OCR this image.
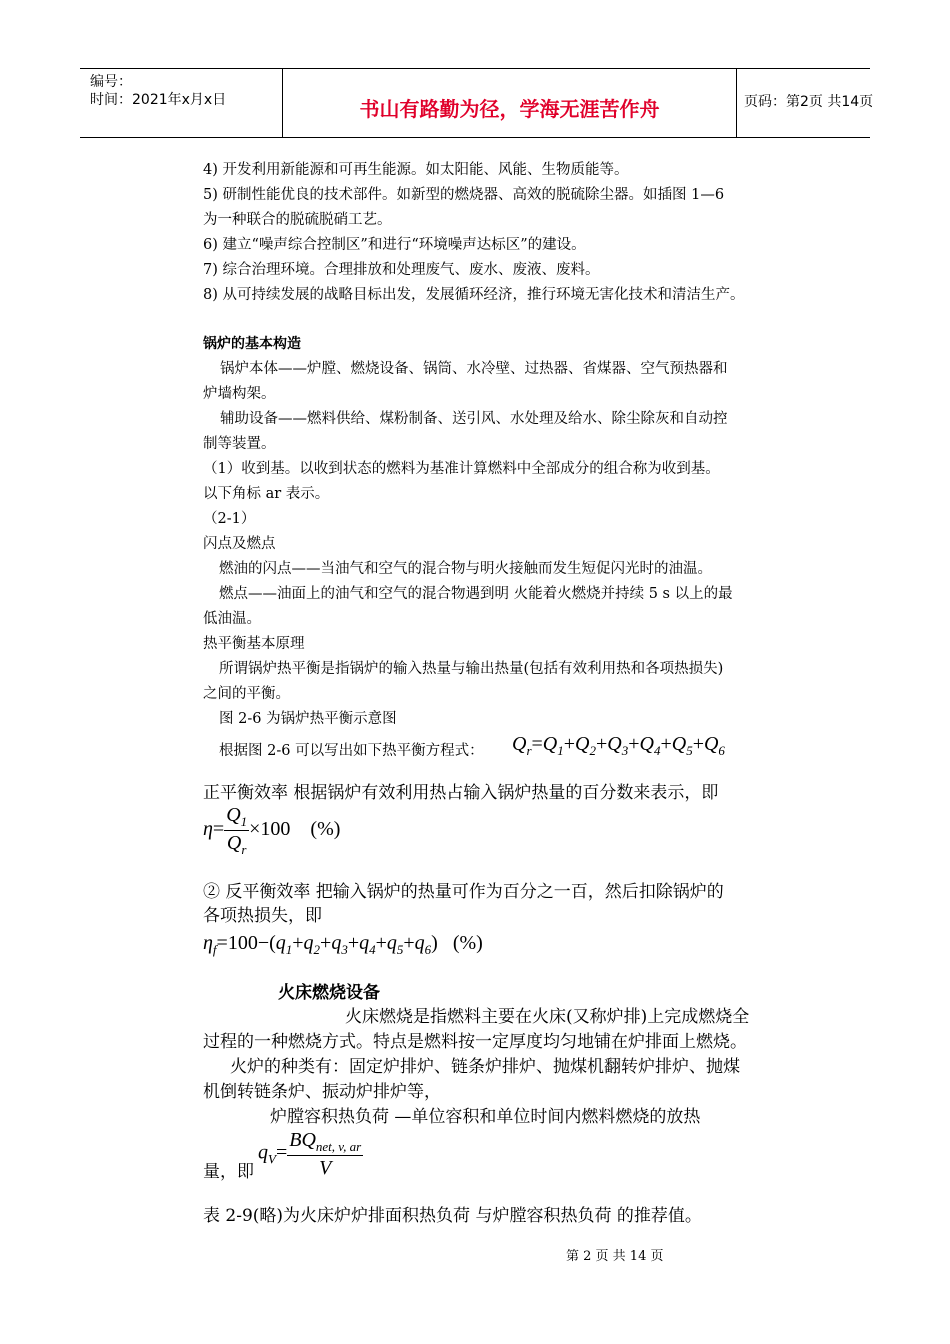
编号：
时间：2021年x月x日	书山有路勤为径，学海无涯苦作舟	页码：第2页 共14页
4) 开发利用新能源和可再生能源。如太阳能、风能、生物质能等。
5) 研制性能优良的技术部件。如新型的燃烧器、高效的脱硫除尘器。如插图 1—6
为一种联合的脱硫脱硝工艺。
6) 建立“噪声综合控制区”和进行“环境噪声达标区”的建设。
7) 综合治理环境。合理排放和处理废气、废水、废液、废料。
8) 从可持续发展的战略目标出发，发展循环经济，推行环境无害化技术和清洁生产。
锅炉的基本构造
锅炉本体——炉膛、燃烧设备、锅筒、水冷壁、过热器、省煤器、空气预热器和
炉墙构架。
辅助设备——燃料供给、煤粉制备、送引风、水处理及给水、除尘除灰和自动控
制等装置。
（1）收到基。以收到状态的燃料为基准计算燃料中全部成分的组合称为收到基。
以下角标 ar 表示。
（2-1）
闪点及燃点
燃油的闪点——当油气和空气的混合物与明火接触而发生短促闪光时的油温。
燃点——油面上的油气和空气的混合物遇到明 火能着火燃烧并持续 5 s 以上的最
低油温。
热平衡基本原理
所谓锅炉热平衡是指锅炉的输入热量与输出热量(包括有效利用热和各项热损失)
之间的平衡。
图 2-6 为锅炉热平衡示意图
根据图 2-6 可以写出如下热平衡方程式： $Q_r=Q_1+Q_2+Q_3+Q_4+Q_5+Q_6$
正平衡效率 根据锅炉有效利用热占输入锅炉热量的百分数来表示，即
$\eta= \frac{Q_1}{Q_r} \times 100$    (%)
② 反平衡效率 把输入锅炉的热量可作为百分之一百，然后扣除锅炉的
各项热损失，即
$\eta_f=100-(q_1+q_2+q_3+q_4+q_5+q_6)$   (%)
火床燃烧设备
火床燃烧是指燃料主要在火床(又称炉排)上完成燃烧全
过程的一种燃烧方式。特点是燃料按一定厚度均匀地铺在炉排面上燃烧。
火炉的种类有：固定炉排炉、链条炉排炉、抛煤机翻转炉排炉、抛煤
机倒转链条炉、振动炉排炉等，
炉膛容积热负荷 —单位容积和单位时间内燃料燃烧的放热
量，即
$q_V= \frac{BQ_{net, v, ar}}{V}$
表 2-9(略)为火床炉炉排面积热负荷 与炉膛容积热负荷 的推荐值。
第 2 页 共 14 页
